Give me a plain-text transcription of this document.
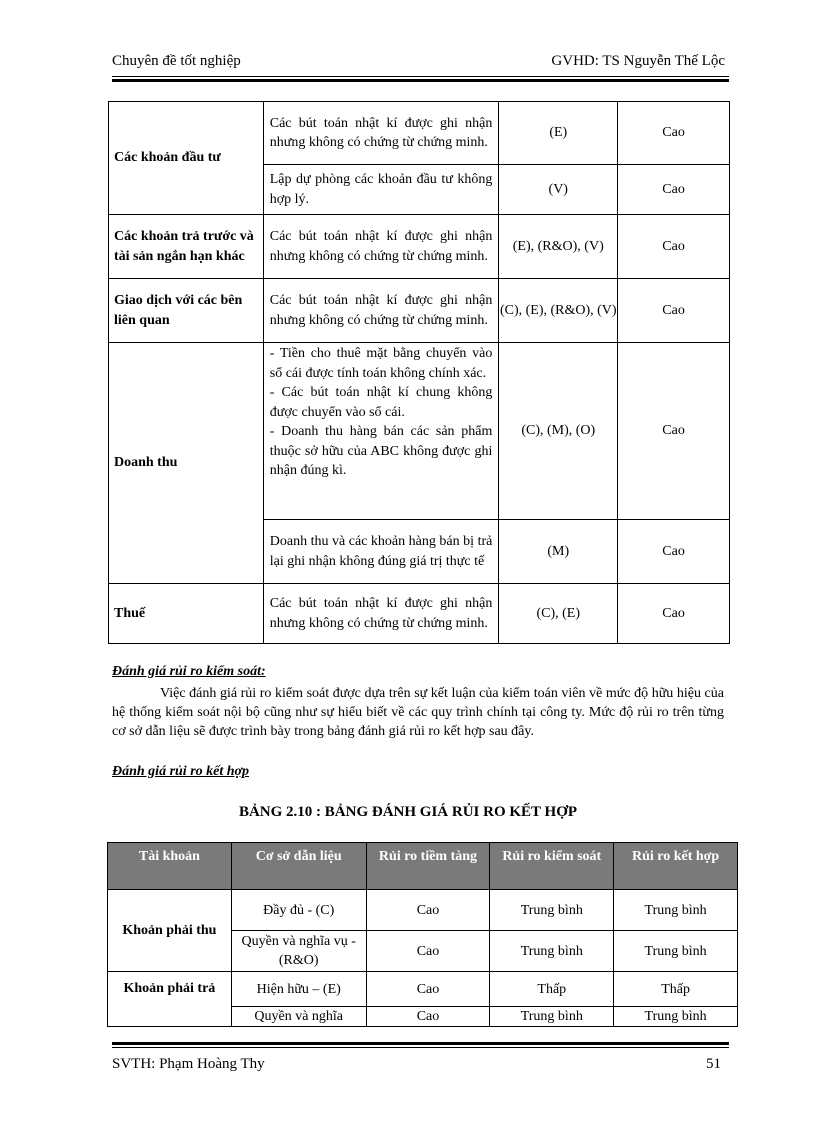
Chuyên đề tốt nghiệp	GVHD: TS Nguyễn Thế Lộc
Các khoản đầu tư	Các bút toán nhật kí được ghi nhận nhưng không có chứng từ chứng minh.	(E)	Cao
	Lập dự phòng các khoản đầu tư không hợp lý.	(V)	Cao
Các khoản trả trước và tài sản ngắn hạn khác	Các bút toán nhật kí được ghi nhận nhưng không có chứng từ chứng minh.	(E), (R&O), (V)	Cao
Giao dịch với các bên liên quan	Các bút toán nhật kí được ghi nhận nhưng không có chứng từ chứng minh.	(C), (E), (R&O), (V)	Cao
Doanh thu	- Tiền cho thuê mặt bằng chuyển vào sổ cái được tính toán không chính xác.
- Các bút toán nhật kí chung không được chuyển vào sổ cái.
- Doanh thu hàng bán các sản phẩm thuộc sở hữu của ABC không được ghi nhận đúng kì.	(C), (M), (O)	Cao
	Doanh thu và các khoản hàng bán bị trả lại ghi nhận không đúng giá trị thực tế	(M)	Cao
Thuế	Các bút toán nhật kí được ghi nhận nhưng không có chứng từ chứng minh.	(C), (E)	Cao
Đánh giá rủi ro kiểm soát:

Việc đánh giá rủi ro kiểm soát được dựa trên sự kết luận của kiểm toán viên về mức độ hữu hiệu của hệ thống kiểm soát nội bộ cũng như sự hiểu biết về các quy trình chính tại công ty. Mức độ rủi ro trên từng cơ sở dẫn liệu sẽ được trình bày trong bảng đánh giá rủi ro kết hợp sau đây.

Đánh giá rủi ro kết hợp
BẢNG 2.10 : BẢNG ĐÁNH GIÁ RỦI RO KẾT HỢP
Tài khoản	Cơ sở dẫn liệu	Rủi ro tiềm tàng	Rủi ro kiểm soát	Rủi ro kết hợp
Khoản phải thu	Đầy đủ - (C)	Cao	Trung bình	Trung bình
	Quyền và nghĩa vụ - (R&O)	Cao	Trung bình	Trung bình
Khoản phải trả	Hiện hữu – (E)	Cao	Thấp	Thấp
	Quyền và nghĩa	Cao	Trung bình	Trung bình
SVTH: Phạm Hoàng Thy	51
